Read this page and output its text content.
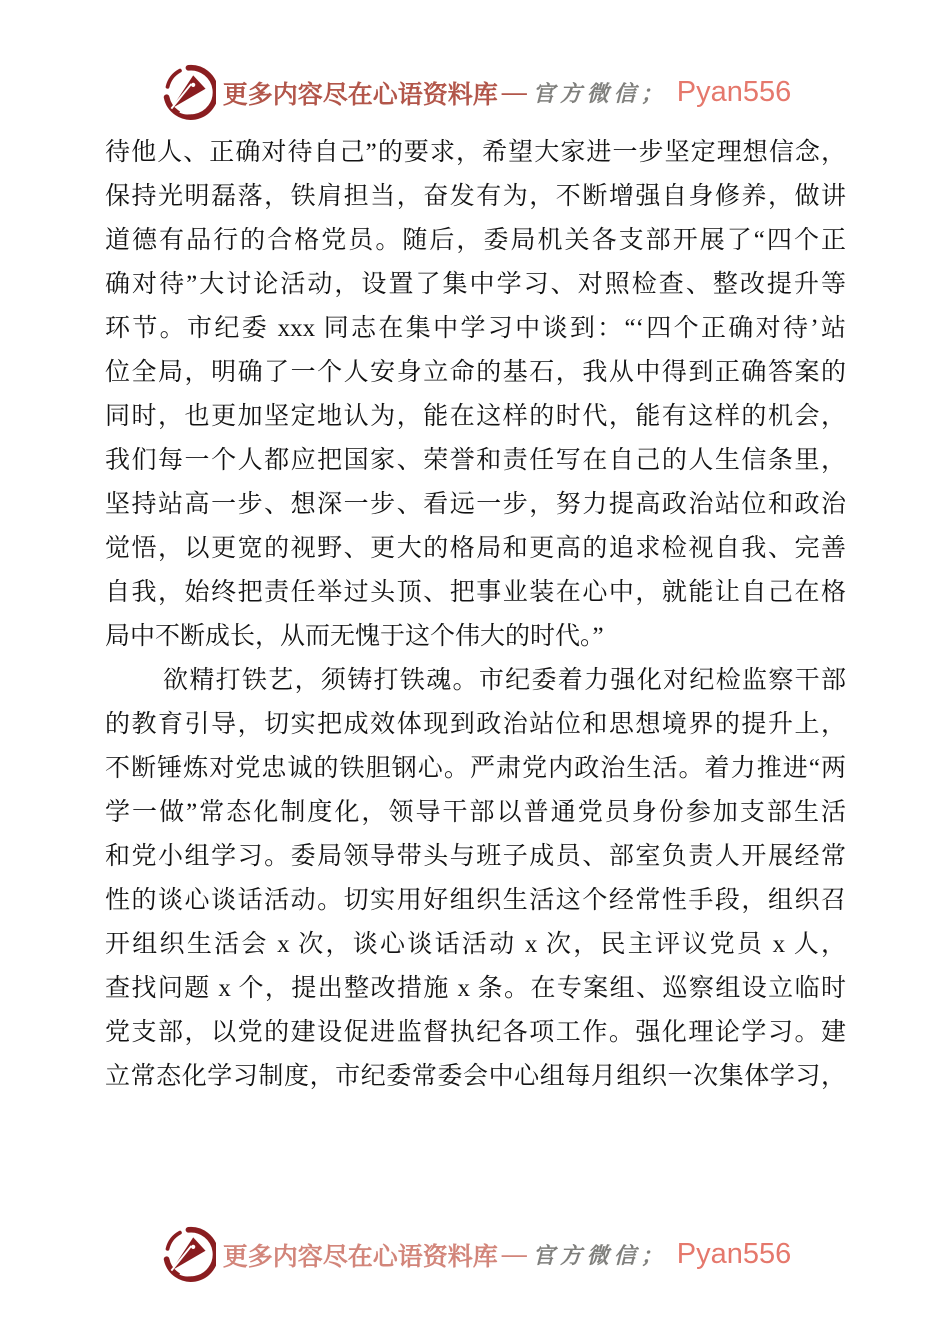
更多内容尽在心语资料库 — 官方微信； Pyan556
待他人、正确对待自己”的要求，希望大家进一步坚定理想信念，
保持光明磊落，铁肩担当，奋发有为，不断增强自身修养，做讲
道德有品行的合格党员。随后，委局机关各支部开展了“四个正
确对待”大讨论活动，设置了集中学习、对照检查、整改提升等
环节。市纪委 xxx 同志在集中学习中谈到：“‘四个正确对待’站
位全局，明确了一个人安身立命的基石，我从中得到正确答案的
同时，也更加坚定地认为，能在这样的时代，能有这样的机会，
我们每一个人都应把国家、荣誉和责任写在自己的人生信条里，
坚持站高一步、想深一步、看远一步，努力提高政治站位和政治
觉悟，以更宽的视野、更大的格局和更高的追求检视自我、完善
自我，始终把责任举过头顶、把事业装在心中，就能让自己在格
局中不断成长，从而无愧于这个伟大的时代。”
欲精打铁艺，须铸打铁魂。市纪委着力强化对纪检监察干部
的教育引导，切实把成效体现到政治站位和思想境界的提升上，
不断锤炼对党忠诚的铁胆钢心。严肃党内政治生活。着力推进“两
学一做”常态化制度化，领导干部以普通党员身份参加支部生活
和党小组学习。委局领导带头与班子成员、部室负责人开展经常
性的谈心谈话活动。切实用好组织生活这个经常性手段，组织召
开组织生活会 x 次，谈心谈话活动 x 次，民主评议党员 x 人，
查找问题 x 个，提出整改措施 x 条。在专案组、巡察组设立临时
党支部，以党的建设促进监督执纪各项工作。强化理论学习。建
立常态化学习制度，市纪委常委会中心组每月组织一次集体学习，
更多内容尽在心语资料库 — 官方微信； Pyan556
